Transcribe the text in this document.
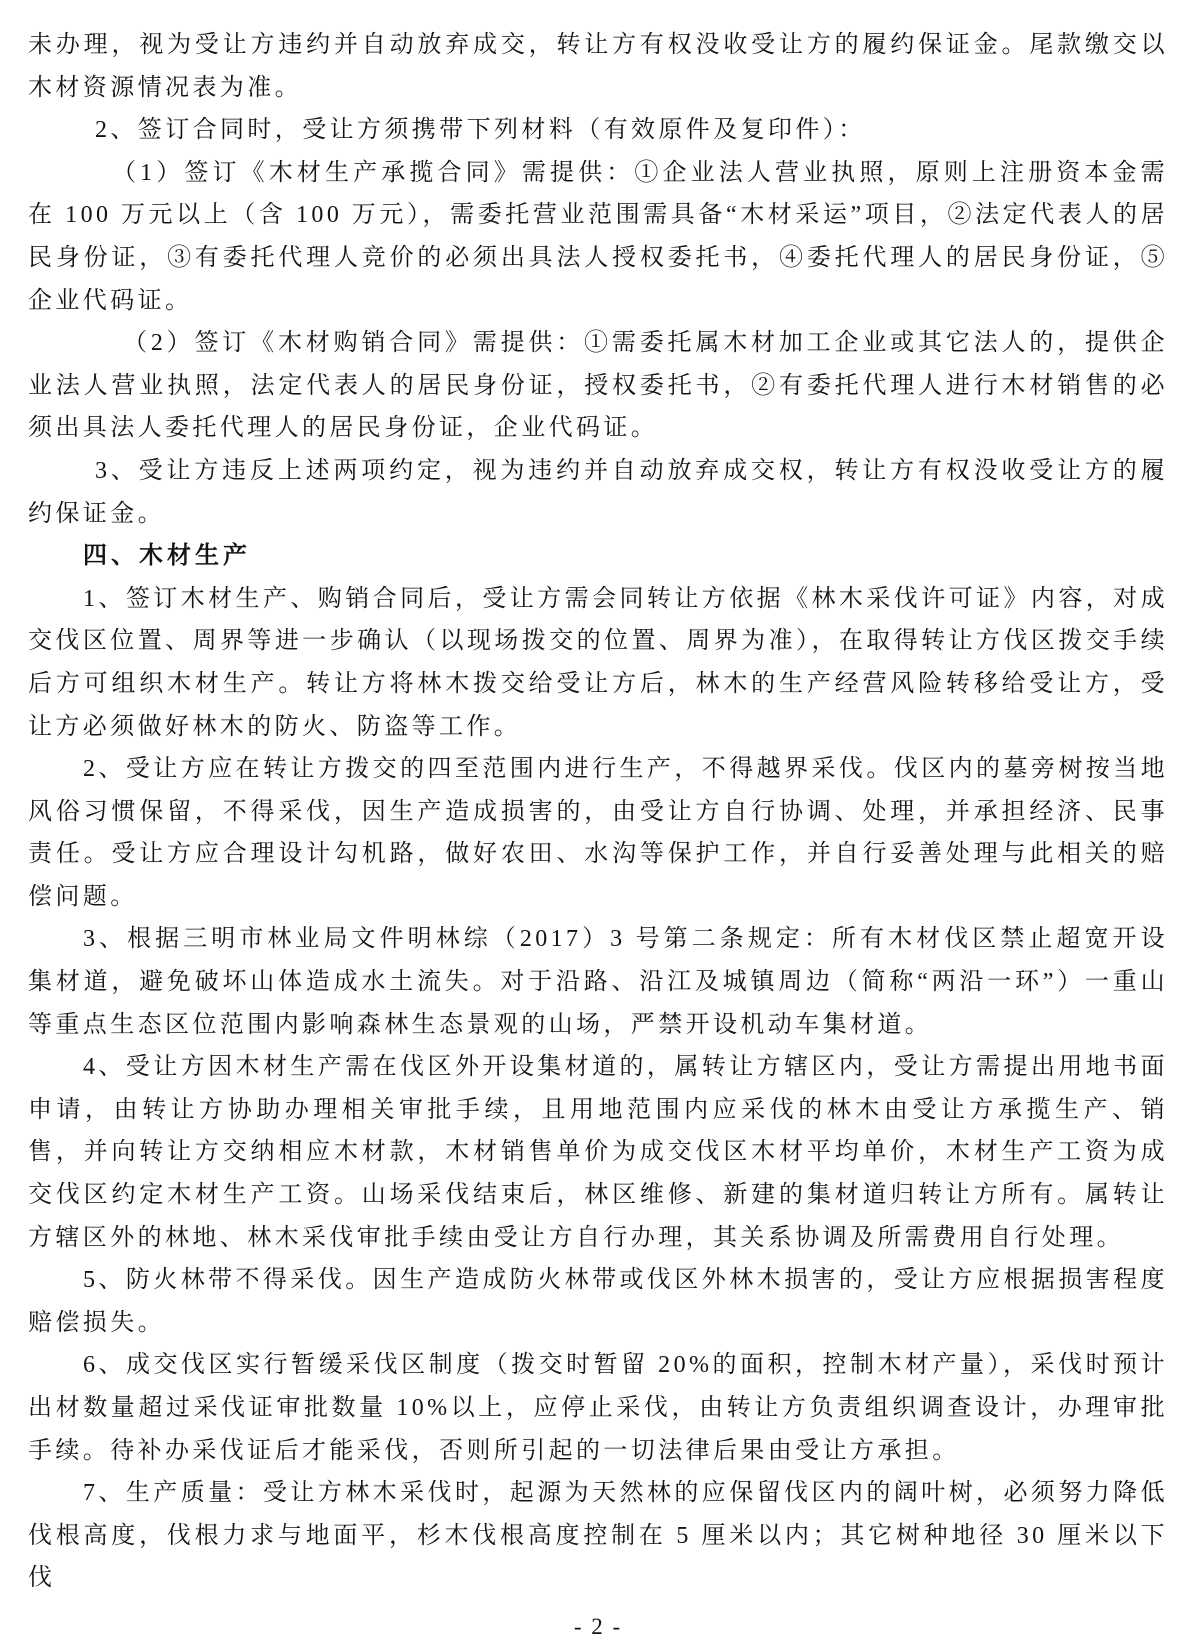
未办理，视为受让方违约并自动放弃成交，转让方有权没收受让方的履约保证金。尾款缴交以木材资源情况表为准。

2、签订合同时，受让方须携带下列材料（有效原件及复印件）：

（1）签订《木材生产承揽合同》需提供：①企业法人营业执照，原则上注册资本金需在 100 万元以上（含 100 万元），需委托营业范围需具备“木材采运”项目，②法定代表人的居民身份证，③有委托代理人竞价的必须出具法人授权委托书，④委托代理人的居民身份证，⑤企业代码证。

（2）签订《木材购销合同》需提供：①需委托属木材加工企业或其它法人的，提供企业法人营业执照，法定代表人的居民身份证，授权委托书，②有委托代理人进行木材销售的必须出具法人委托代理人的居民身份证，企业代码证。

3、受让方违反上述两项约定，视为违约并自动放弃成交权，转让方有权没收受让方的履约保证金。

四、木材生产

1、签订木材生产、购销合同后，受让方需会同转让方依据《林木采伐许可证》内容，对成交伐区位置、周界等进一步确认（以现场拨交的位置、周界为准），在取得转让方伐区拨交手续后方可组织木材生产。转让方将林木拨交给受让方后，林木的生产经营风险转移给受让方，受让方必须做好林木的防火、防盗等工作。

2、受让方应在转让方拨交的四至范围内进行生产，不得越界采伐。伐区内的墓旁树按当地风俗习惯保留，不得采伐，因生产造成损害的，由受让方自行协调、处理，并承担经济、民事责任。受让方应合理设计勾机路，做好农田、水沟等保护工作，并自行妥善处理与此相关的赔偿问题。

3、根据三明市林业局文件明林综（2017）3 号第二条规定：所有木材伐区禁止超宽开设集材道，避免破坏山体造成水土流失。对于沿路、沿江及城镇周边（简称“两沿一环”）一重山等重点生态区位范围内影响森林生态景观的山场，严禁开设机动车集材道。

4、受让方因木材生产需在伐区外开设集材道的，属转让方辖区内，受让方需提出用地书面申请，由转让方协助办理相关审批手续，且用地范围内应采伐的林木由受让方承揽生产、销售，并向转让方交纳相应木材款，木材销售单价为成交伐区木材平均单价，木材生产工资为成交伐区约定木材生产工资。山场采伐结束后，林区维修、新建的集材道归转让方所有。属转让方辖区外的林地、林木采伐审批手续由受让方自行办理，其关系协调及所需费用自行处理。

5、防火林带不得采伐。因生产造成防火林带或伐区外林木损害的，受让方应根据损害程度赔偿损失。

6、成交伐区实行暂缓采伐区制度（拨交时暂留 20%的面积，控制木材产量），采伐时预计出材数量超过采伐证审批数量 10%以上，应停止采伐，由转让方负责组织调查设计，办理审批手续。待补办采伐证后才能采伐，否则所引起的一切法律后果由受让方承担。

7、生产质量：受让方林木采伐时，起源为天然林的应保留伐区内的阔叶树，必须努力降低伐根高度，伐根力求与地面平，杉木伐根高度控制在 5 厘米以内；其它树种地径 30 厘米以下伐

- 2 -
